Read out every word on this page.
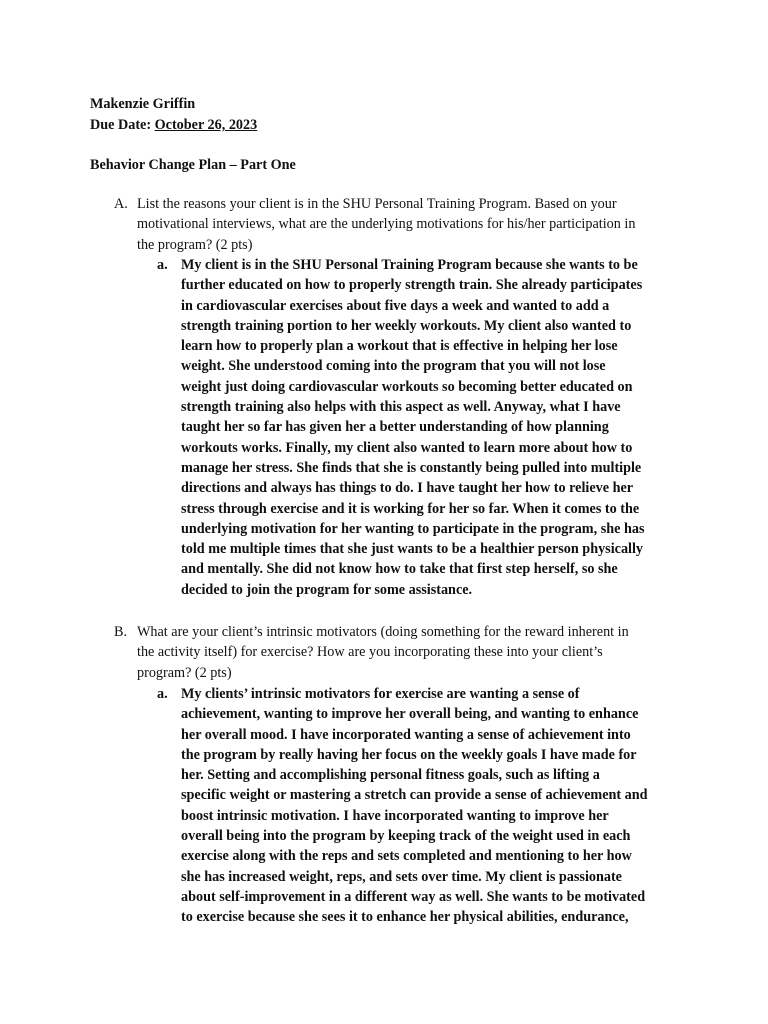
Makenzie Griffin
Due Date: October 26, 2023
Behavior Change Plan – Part One
A. List the reasons your client is in the SHU Personal Training Program. Based on your
motivational interviews, what are the underlying motivations for his/her participation in
the program? (2 pts)
a. My client is in the SHU Personal Training Program because she wants to be
further educated on how to properly strength train. She already participates
in cardiovascular exercises about five days a week and wanted to add a
strength training portion to her weekly workouts. My client also wanted to
learn how to properly plan a workout that is effective in helping her lose
weight. She understood coming into the program that you will not lose
weight just doing cardiovascular workouts so becoming better educated on
strength training also helps with this aspect as well. Anyway, what I have
taught her so far has given her a better understanding of how planning
workouts works. Finally, my client also wanted to learn more about how to
manage her stress. She finds that she is constantly being pulled into multiple
directions and always has things to do. I have taught her how to relieve her
stress through exercise and it is working for her so far. When it comes to the
underlying motivation for her wanting to participate in the program, she has
told me multiple times that she just wants to be a healthier person physically
and mentally. She did not know how to take that first step herself, so she
decided to join the program for some assistance.
B. What are your client’s intrinsic motivators (doing something for the reward inherent in
the activity itself) for exercise? How are you incorporating these into your client’s
program? (2 pts)
a. My clients’ intrinsic motivators for exercise are wanting a sense of
achievement, wanting to improve her overall being, and wanting to enhance
her overall mood. I have incorporated wanting a sense of achievement into
the program by really having her focus on the weekly goals I have made for
her. Setting and accomplishing personal fitness goals, such as lifting a
specific weight or mastering a stretch can provide a sense of achievement and
boost intrinsic motivation. I have incorporated wanting to improve her
overall being into the program by keeping track of the weight used in each
exercise along with the reps and sets completed and mentioning to her how
she has increased weight, reps, and sets over time. My client is passionate
about self-improvement in a different way as well. She wants to be motivated
to exercise because she sees it to enhance her physical abilities, endurance,
